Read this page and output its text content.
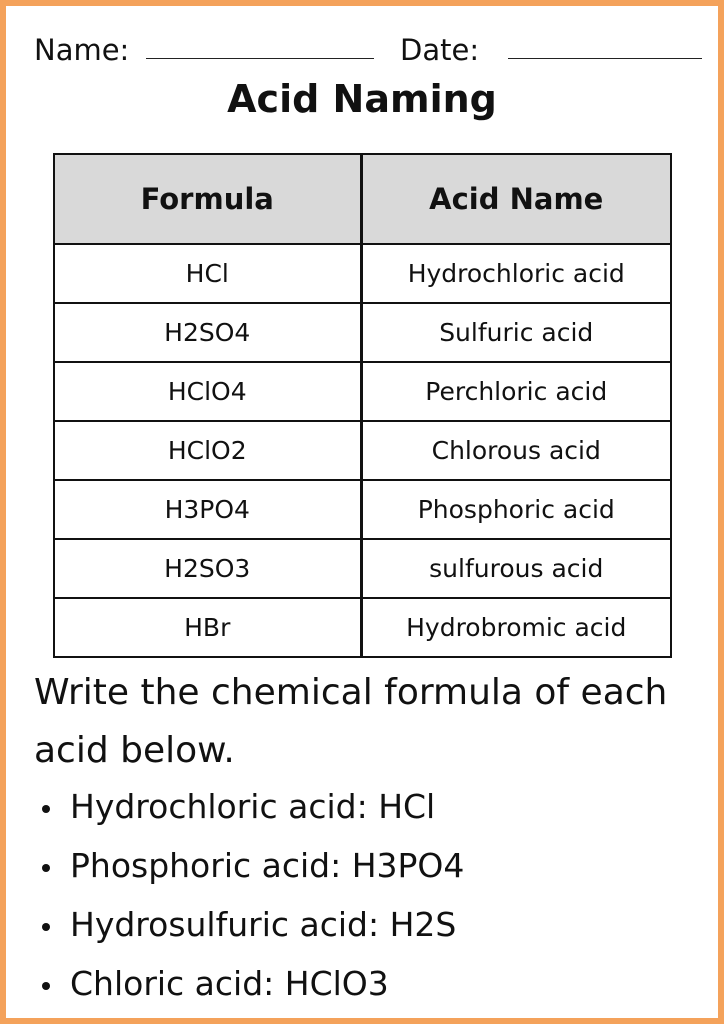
Name:	Date:
Acid Naming
Formula	Acid Name
HCl	Hydrochloric acid
H2SO4	Sulfuric acid
HClO4	Perchloric acid
HClO2	Chlorous acid
H3PO4	Phosphoric acid
H2SO3	sulfurous acid
HBr	Hydrobromic acid
Write the chemical formula of each acid below.
Hydrochloric acid: HCl
Phosphoric acid: H3PO4
Hydrosulfuric acid: H2S
Chloric acid: HClO3
